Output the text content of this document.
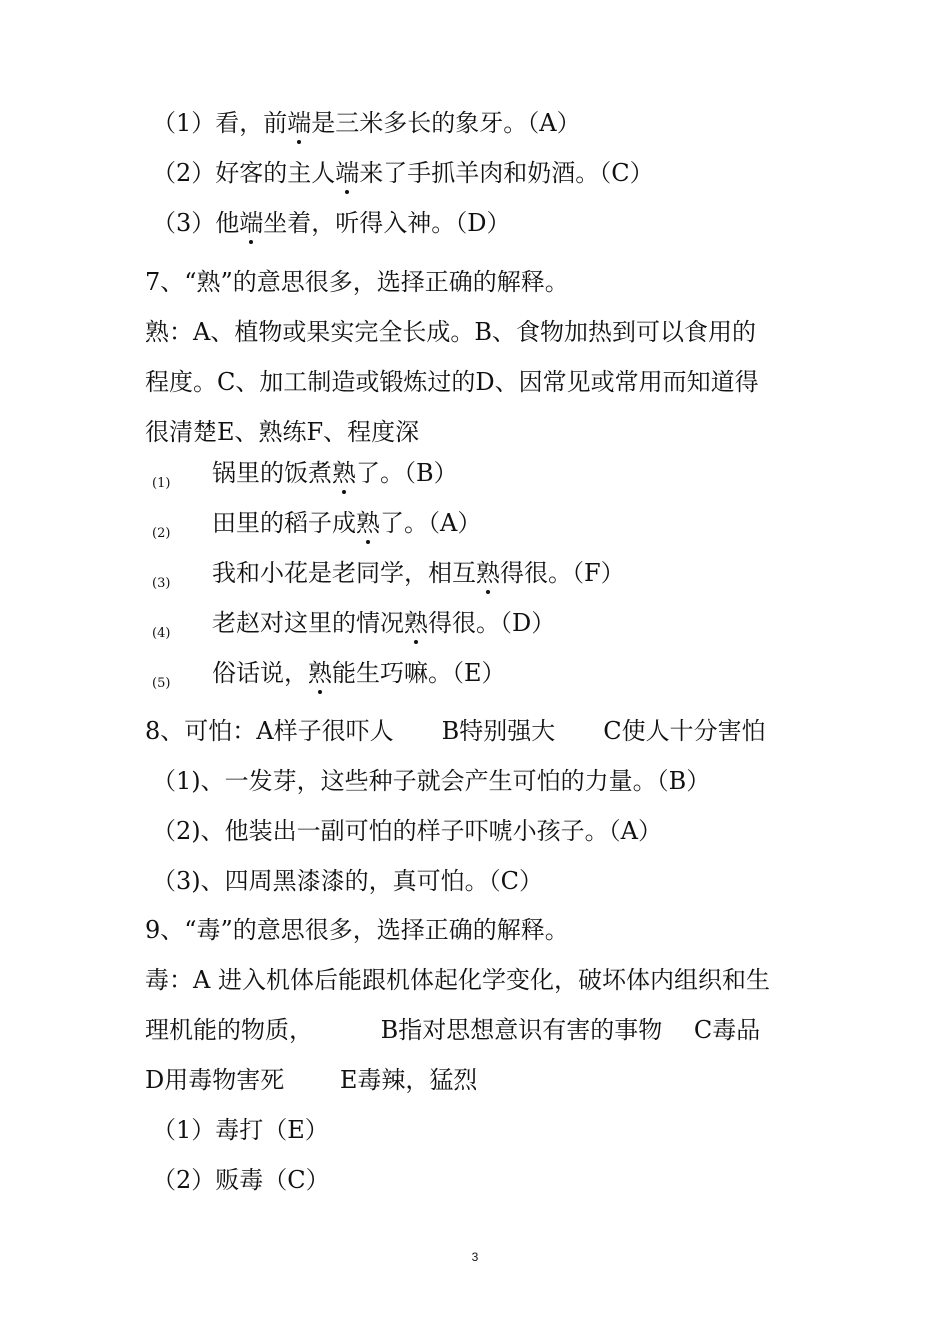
（1）看，前端是三米多长的象牙。（A）
（2）好客的主人端来了手抓羊肉和奶酒。（C）
（3）他端坐着，听得入神。（D）
7、“熟”的意思很多，选择正确的解释。
熟：A、植物或果实完全长成。B、食物加热到可以食用的
程度。C、加工制造或锻炼过的D、因常见或常用而知道得
很清楚E、熟练F、程度深
(1) 锅里的饭煮熟了。（B）
(2) 田里的稻子成熟了。（A）
(3) 我和小花是老同学，相互熟得很。（F）
(4) 老赵对这里的情况熟得很。（D）
(5) 俗话说，熟能生巧嘛。（E）
8、可怕：A样子很吓人　　B特别强大　　C使人十分害怕
（1)、一发芽，这些种子就会产生可怕的力量。（B）
（2)、他装出一副可怕的样子吓唬小孩子。（A）
（3)、四周黑漆漆的，真可怕。（C）
9、“毒”的意思很多，选择正确的解释。
毒：A 进入机体后能跟机体起化学变化，破坏体内组织和生
理机能的物质，　　　 B指对思想意识有害的事物　 C毒品
D用毒物害死　　 E毒辣，猛烈
（1）毒打（E）
（2）贩毒（C）
3
